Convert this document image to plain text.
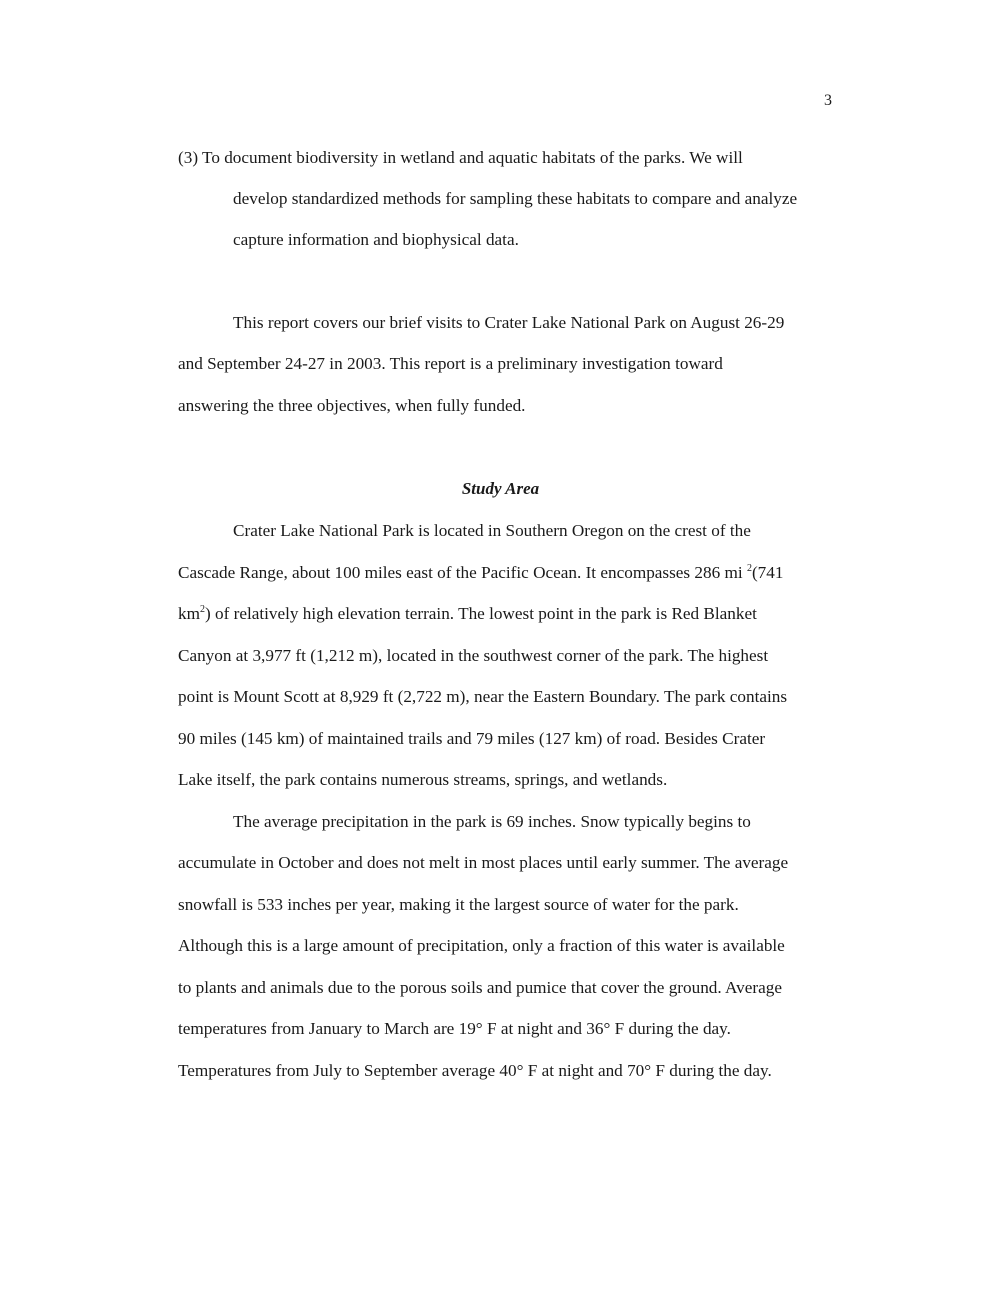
3
(3) To document biodiversity in wetland and aquatic habitats of the parks. We will
develop standardized methods for sampling these habitats to compare and analyze
capture information and biophysical data.
This report covers our brief visits to Crater Lake National Park on August 26-29
and September 24-27 in 2003. This report is a preliminary investigation toward
answering the three objectives, when fully funded.
Study Area
Crater Lake National Park is located in Southern Oregon on the crest of the
Cascade Range, about 100 miles east of the Pacific Ocean. It encompasses 286 mi $^2$(741
$km^2$) of relatively high elevation terrain. The lowest point in the park is Red Blanket
Canyon at 3,977 ft (1,212 m), located in the southwest corner of the park. The highest
point is Mount Scott at 8,929 ft (2,722 m), near the Eastern Boundary. The park contains
90 miles (145 km) of maintained trails and 79 miles (127 km) of road. Besides Crater
Lake itself, the park contains numerous streams, springs, and wetlands.
The average precipitation in the park is 69 inches. Snow typically begins to
accumulate in October and does not melt in most places until early summer. The average
snowfall is 533 inches per year, making it the largest source of water for the park.
Although this is a large amount of precipitation, only a fraction of this water is available
to plants and animals due to the porous soils and pumice that cover the ground. Average
temperatures from January to March are 19° F at night and 36° F during the day.
Temperatures from July to September average 40° F at night and 70° F during the day.
